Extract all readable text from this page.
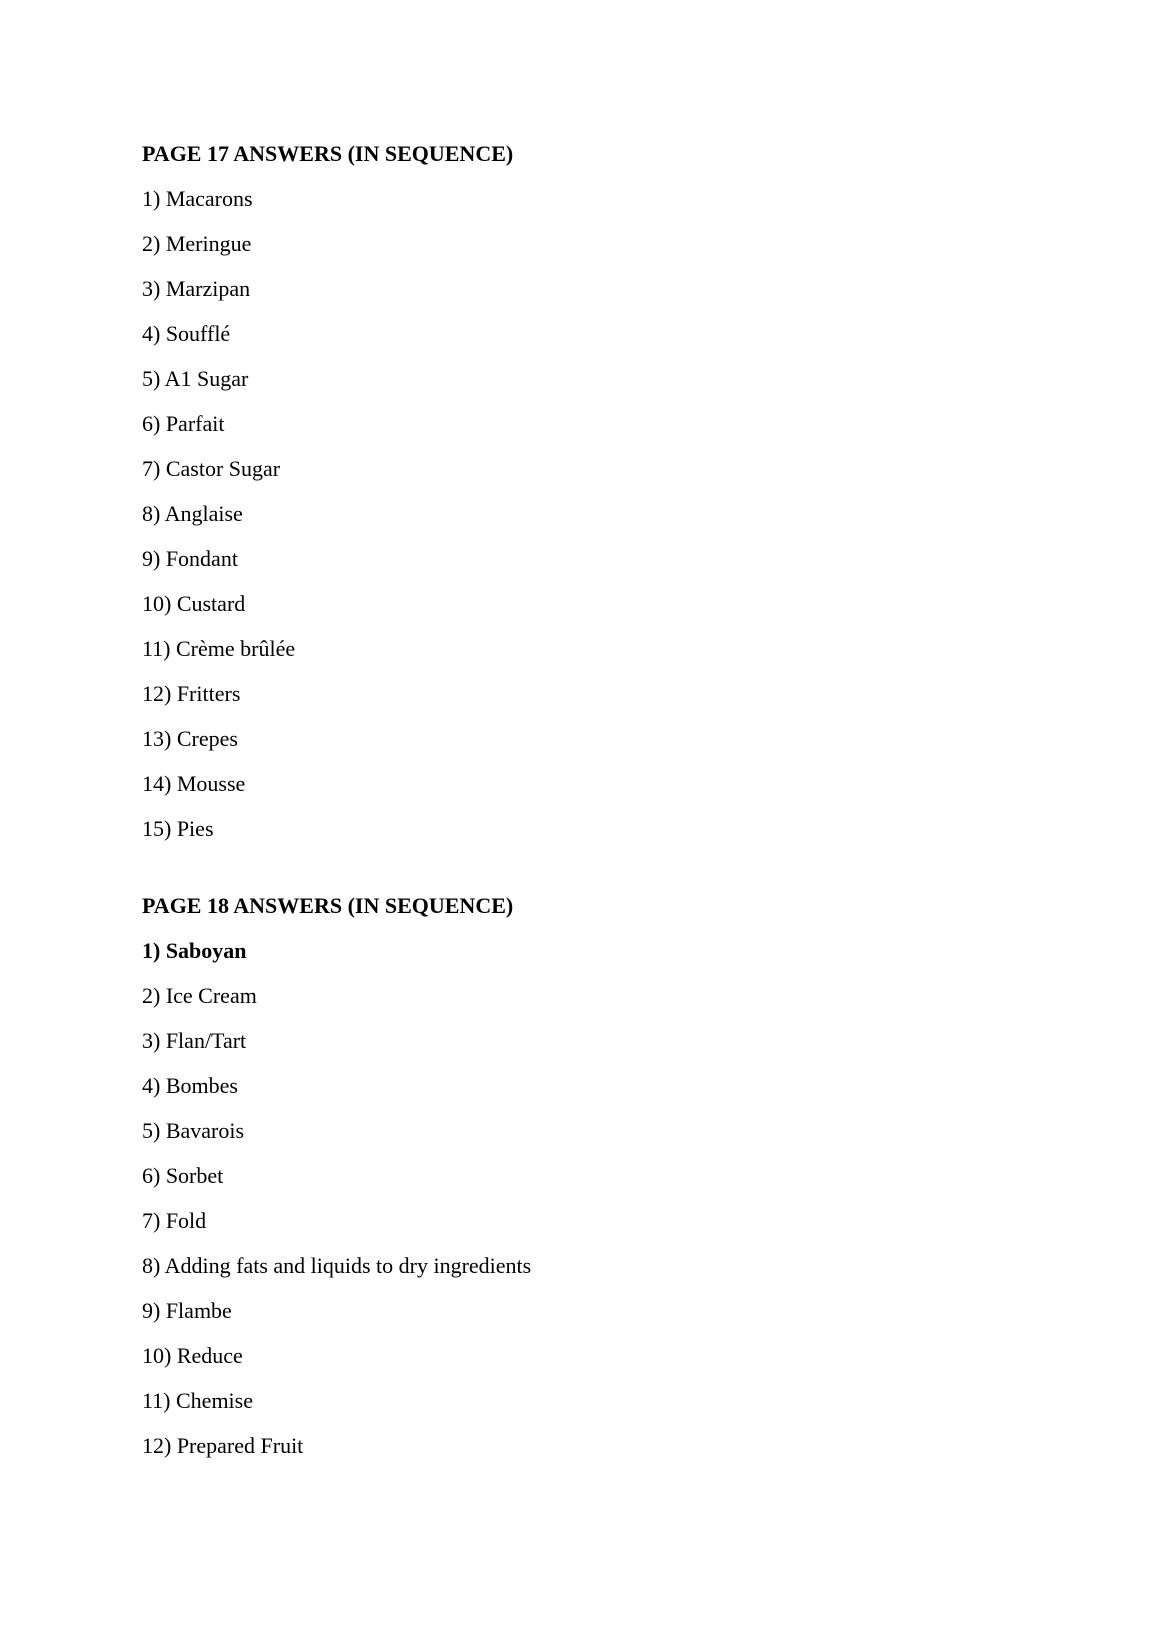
PAGE 17 ANSWERS (IN SEQUENCE)
1) Macarons
2) Meringue
3) Marzipan
4) Soufflé
5) A1 Sugar
6) Parfait
7) Castor Sugar
8) Anglaise
9) Fondant
10) Custard
11) Crème brûlée
12) Fritters
13) Crepes
14) Mousse
15) Pies
PAGE 18 ANSWERS (IN SEQUENCE)
1) Saboyan
2) Ice Cream
3) Flan/Tart
4) Bombes
5) Bavarois
6) Sorbet
7) Fold
8) Adding fats and liquids to dry ingredients
9) Flambe
10) Reduce
11) Chemise
12) Prepared Fruit
